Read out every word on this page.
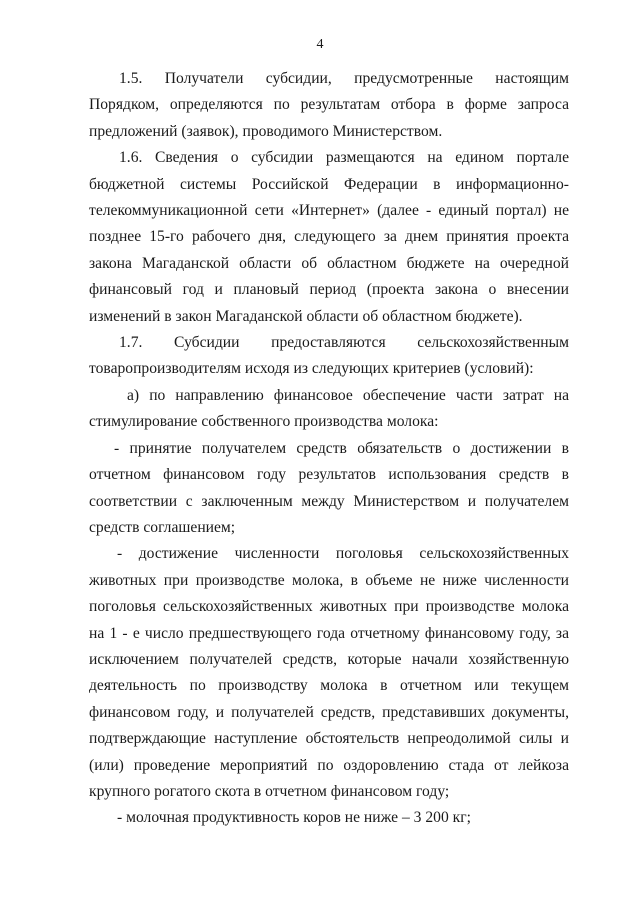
4

1.5. Получатели субсидии, предусмотренные настоящим Порядком, определяются по результатам отбора в форме запроса предложений (заявок), проводимого Министерством.

1.6. Сведения о субсидии размещаются на едином портале бюджетной системы Российской Федерации в информационно-телекоммуникационной сети «Интернет» (далее - единый портал) не позднее 15-го рабочего дня, следующего за днем принятия проекта закона Магаданской области об областном бюджете на очередной финансовый год и плановый период (проекта закона о внесении изменений в закон Магаданской области об областном бюджете).

1.7. Субсидии предоставляются сельскохозяйственным товаропроизводителям исходя из следующих критериев (условий):

а) по направлению финансовое обеспечение части затрат на стимулирование собственного производства молока:

- принятие получателем средств обязательств о достижении в отчетном финансовом году результатов использования средств в соответствии с заключенным между Министерством и получателем средств соглашением;

- достижение численности поголовья сельскохозяйственных животных при производстве молока, в объеме не ниже численности поголовья сельскохозяйственных животных при производстве молока на 1 - е число предшествующего года отчетному финансовому году, за исключением получателей средств, которые начали хозяйственную деятельность по производству молока в отчетном или текущем финансовом году, и получателей средств, представивших документы, подтверждающие наступление обстоятельств непреодолимой силы и (или) проведение мероприятий по оздоровлению стада от лейкоза крупного рогатого скота в отчетном финансовом году;

- молочная продуктивность коров не ниже – 3 200 кг;
